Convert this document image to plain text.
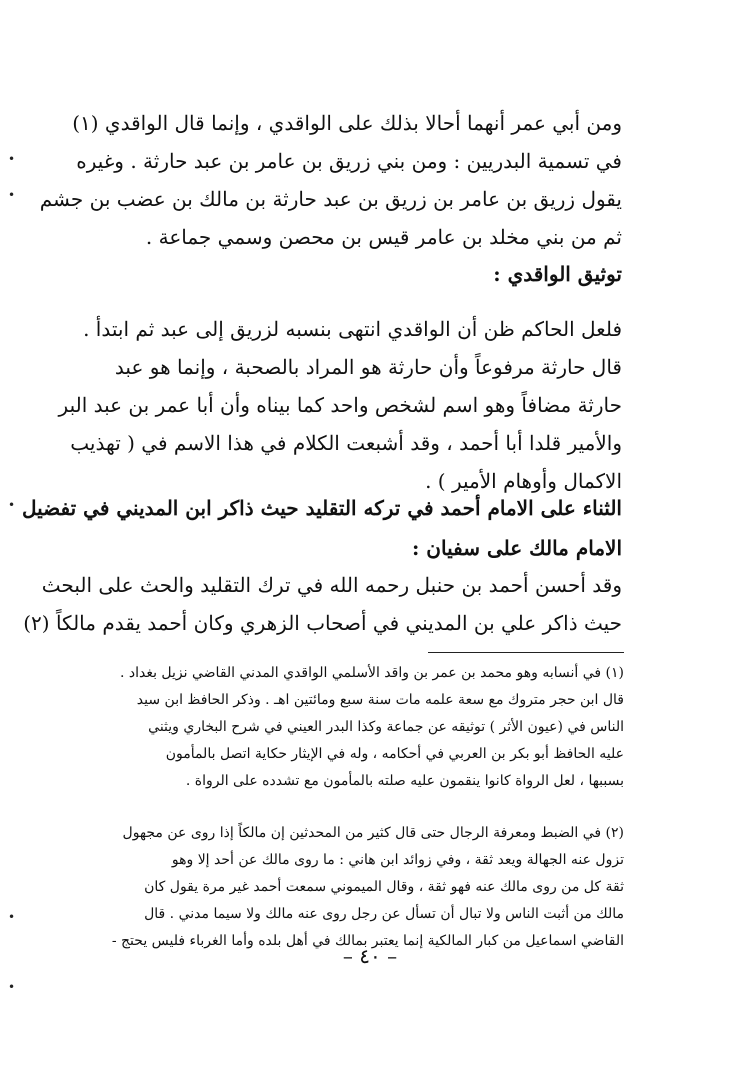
ومن أبي عمر أنهما أحالا بذلك على الواقدي ، وإنما قال الواقدي (١)
في تسمية البدريين : ومن بني زريق بن عامر بن عبد حارثة . وغيره
يقول زريق بن عامر بن زريق بن عبد حارثة بن مالك بن عضب بن جشم
ثم من بني مخلد بن عامر قيس بن محصن وسمي جماعة .
توثيق الواقدي :
فلعل الحاكم ظن أن الواقدي انتهى بنسبه لزريق إلى عبد ثم ابتدأ .
قال حارثة مرفوعاً وأن حارثة هو المراد بالصحبة ، وإنما هو عبد
حارثة مضافاً وهو اسم لشخص واحد كما بيناه وأن أبا عمر بن عبد البر
والأمير قلدا أبا أحمد ، وقد أشبعت الكلام في هذا الاسم في ( تهذيب
الاكمال وأوهام الأمير ) .
الثناء على الامام أحمد في تركه التقليد حيث ذاكر ابن المديني في تفضيل
الامام مالك على سفيان :
وقد أحسن أحمد بن حنبل رحمه الله في ترك التقليد والحث على البحث
حيث ذاكر علي بن المديني في أصحاب الزهري وكان أحمد يقدم مالكاً (٢)
(١) في أنسابه وهو محمد بن عمر بن واقد الأسلمي الواقدي المدني القاضي نزيل بغداد .
قال ابن حجر متروك مع سعة علمه مات سنة سبع ومائتين اهـ . وذكر الحافظ ابن سيد
الناس في (عيون الأثر ) توثيقه عن جماعة وكذا البدر العيني في شرح البخاري ويثني
عليه الحافظ أبو بكر بن العربي في أحكامه ، وله في الإيثار حكاية اتصل بالمأمون
بسببها ، لعل الرواة كانوا ينقمون عليه صلته بالمأمون مع تشدده على الرواة .
(٢) في الضبط ومعرفة الرجال حتى قال كثير من المحدثين إن مالكاً إذا روى عن مجهول
تزول عنه الجهالة ويعد ثقة ، وفي زوائد ابن هاني : ما روى مالك عن أحد إلا وهو
ثقة كل من روى مالك عنه فهو ثقة ، وقال الميموني سمعت أحمد غير مرة يقول كان
مالك من أثبت الناس ولا تبال أن تسأل عن رجل روى عنه مالك ولا سيما مدني . قال
القاضي اسماعيل من كبار المالكية إنما يعتبر بمالك في أهل بلده وأما الغرباء فليس يحتج -
– ٤٠ –
•
•
•
•
•
